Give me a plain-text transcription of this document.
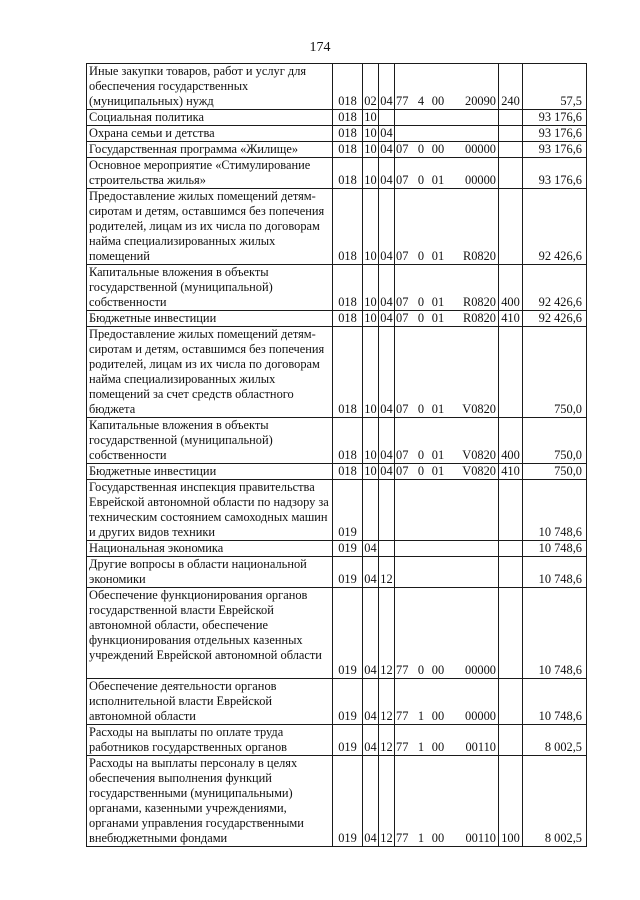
174
Иные закупки товаров, работ и услуг для обеспечения государственных (муниципальных) нужд	018	02	04	77 4 00 20090	240	57,5
Социальная политика	018	10				93 176,6
Охрана семьи и детства	018	10	04			93 176,6
Государственная программа «Жилище»	018	10	04	07 0 00 00000		93 176,6
Основное мероприятие «Стимулирование строительства жилья»	018	10	04	07 0 01 00000		93 176,6
Предоставление жилых помещений детям-сиротам и детям, оставшимся без попечения родителей, лицам из их числа по договорам найма специализированных жилых помещений	018	10	04	07 0 01 R0820		92 426,6
Капитальные вложения в объекты государственной (муниципальной) собственности	018	10	04	07 0 01 R0820	400	92 426,6
Бюджетные инвестиции	018	10	04	07 0 01 R0820	410	92 426,6
Предоставление жилых помещений детям-сиротам и детям, оставшимся без попечения родителей, лицам из их числа по договорам найма специализированных жилых помещений за счет средств областного бюджета	018	10	04	07 0 01 V0820		750,0
Капитальные вложения в объекты государственной (муниципальной) собственности	018	10	04	07 0 01 V0820	400	750,0
Бюджетные инвестиции	018	10	04	07 0 01 V0820	410	750,0
Государственная инспекция правительства Еврейской автономной области по надзору за техническим состоянием самоходных машин и других видов техники	019					10 748,6
Национальная экономика	019	04				10 748,6
Другие вопросы в области национальной экономики	019	04	12			10 748,6
Обеспечение функционирования органов государственной власти Еврейской автономной области, обеспечение функционирования отдельных казенных учреждений Еврейской автономной области	019	04	12	77 0 00 00000		10 748,6
Обеспечение деятельности органов исполнительной власти Еврейской автономной области	019	04	12	77 1 00 00000		10 748,6
Расходы на выплаты по оплате труда работников государственных органов	019	04	12	77 1 00 00110		8 002,5
Расходы на выплаты персоналу в целях обеспечения выполнения функций государственными (муниципальными) органами, казенными учреждениями, органами управления государственными внебюджетными фондами	019	04	12	77 1 00 00110	100	8 002,5
